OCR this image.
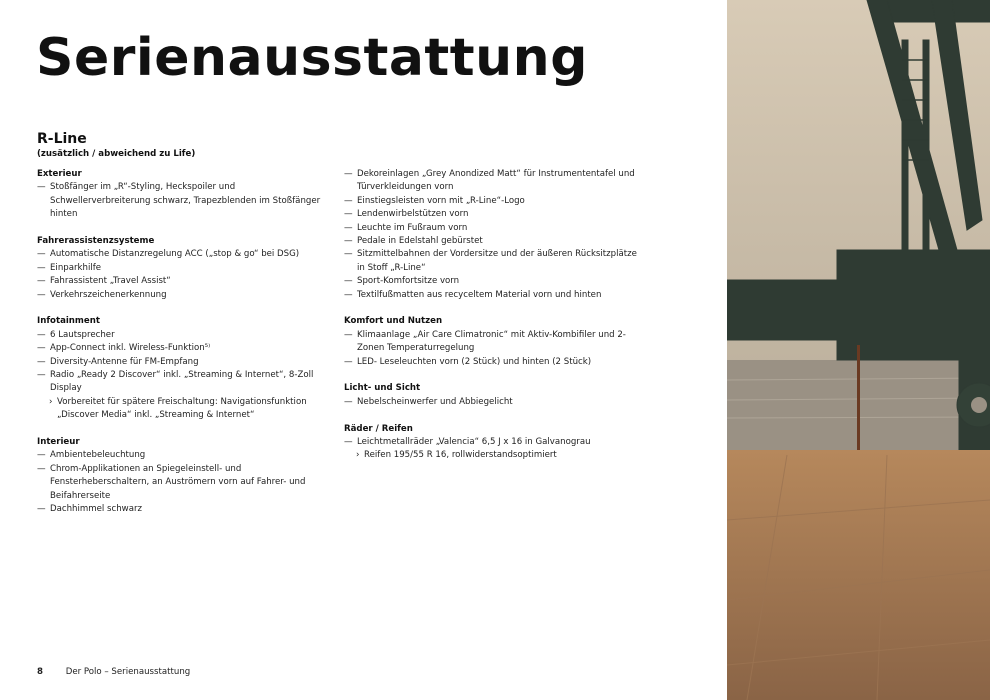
Serienausstattung
R-Line
(zusätzlich / abweichend zu Life)
Exterieur
— Stoßfänger im „R“-Styling, Heckspoiler und Schwellerverbreiterung schwarz, Trapezblenden im Stoßfänger hinten
Fahrerassistenzsysteme
— Automatische Distanzregelung ACC („stop & go“ bei DSG)
— Einparkhilfe
— Fahrassistent „Travel Assist“
— Verkehrszeichenerkennung
Infotainment
— 6 Lautsprecher
— App-Connect inkl. Wireless-Funktion⁵⁾
— Diversity-Antenne für FM-Empfang
— Radio „Ready 2 Discover“ inkl. „Streaming & Internet“, 8-Zoll Display
› Vorbereitet für spätere Freischaltung: Navigationsfunktion „Discover Media“ inkl. „Streaming & Internet“
Interieur
— Ambientebeleuchtung
— Chrom-Applikationen an Spiegeleinstell- und Fensterheberschaltern, an Auströmern vorn auf Fahrer- und Beifahrerseite
— Dachhimmel schwarz
— Dekoreinlagen „Grey Anondized Matt“ für Instrumententafel und Türverkleidungen vorn
— Einstiegsleisten vorn mit „R-Line“-Logo
— Lendenwirbelstützen vorn
— Leuchte im Fußraum vorn
— Pedale in Edelstahl gebürstet
— Sitzmittelbahnen der Vordersitze und der äußeren Rücksitzplätze in Stoff „R-Line“
— Sport-Komfortsitze vorn
— Textilfußmatten aus recyceltem Material vorn und hinten
Komfort und Nutzen
— Klimaanlage „Air Care Climatronic“ mit Aktiv-Kombifiler und 2-Zonen Temperaturregelung
— LED- Leseleuchten vorn (2 Stück) und hinten (2 Stück)
Licht- und Sicht
— Nebelscheinwerfer und Abbiegelicht
Räder / Reifen
— Leichtmetallräder „Valencia“ 6,5 J x 16 in Galvanograu
› Reifen 195/55 R 16, rollwiderstandsoptimiert
8	Der Polo – Serienausstattung
